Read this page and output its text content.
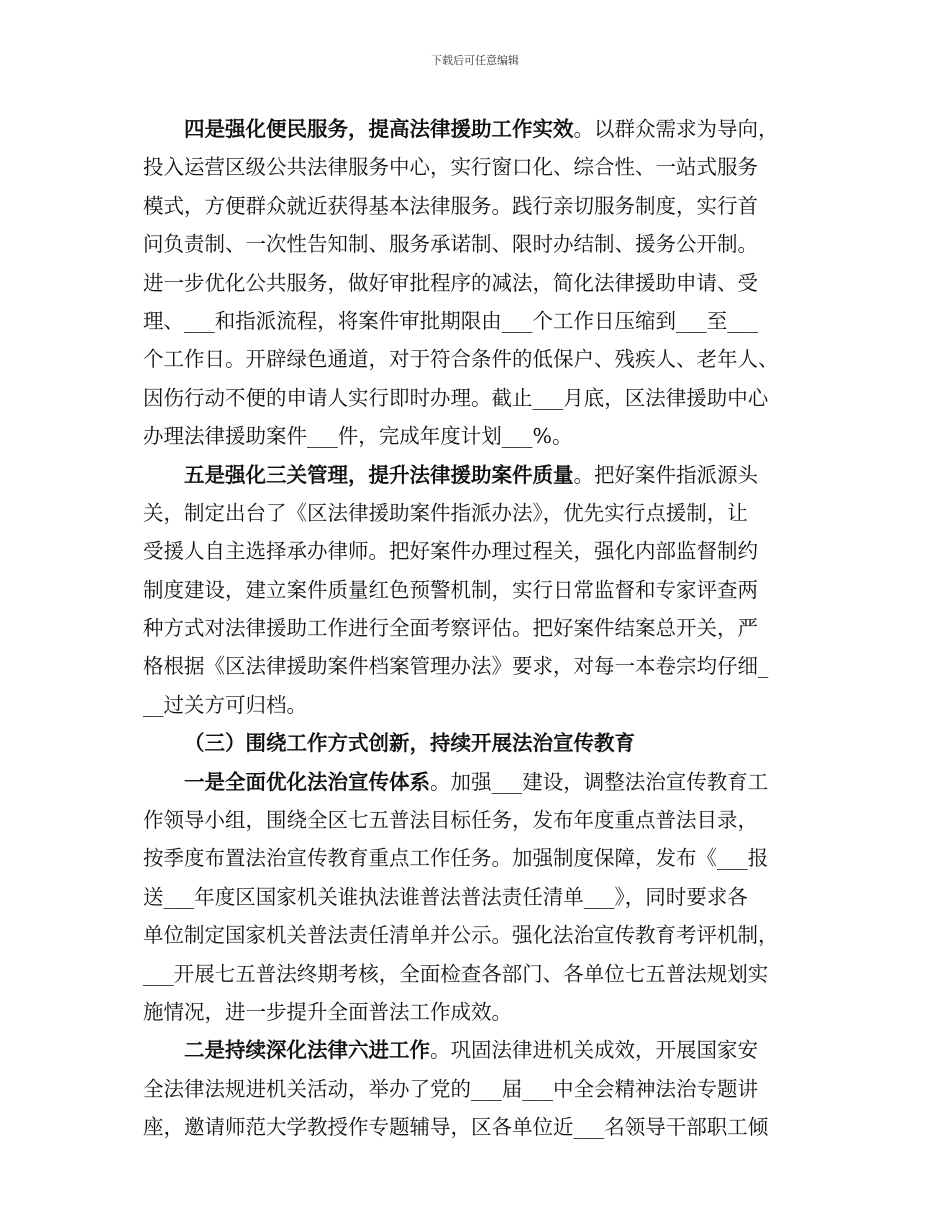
下载后可任意编辑
四是强化便民服务，提高法律援助工作实效。以群众需求为导向，
投入运营区级公共法律服务中心，实行窗口化、综合性、一站式服务
模式，方便群众就近获得基本法律服务。践行亲切服务制度，实行首
问负责制、一次性告知制、服务承诺制、限时办结制、援务公开制。
进一步优化公共服务，做好审批程序的减法，简化法律援助申请、受
理、___和指派流程，将案件审批期限由___个工作日压缩到___至___
个工作日。开辟绿色通道，对于符合条件的低保户、残疾人、老年人、
因伤行动不便的申请人实行即时办理。截止___月底，区法律援助中心
办理法律援助案件___件，完成年度计划___%。
五是强化三关管理，提升法律援助案件质量。把好案件指派源头
关，制定出台了《区法律援助案件指派办法》，优先实行点援制，让
受援人自主选择承办律师。把好案件办理过程关，强化内部监督制约
制度建设，建立案件质量红色预警机制，实行日常监督和专家评查两
种方式对法律援助工作进行全面考察评估。把好案件结案总开关，严
格根据《区法律援助案件档案管理办法》要求，对每一本卷宗均仔细_
__过关方可归档。
（三）围绕工作方式创新，持续开展法治宣传教育
一是全面优化法治宣传体系。加强___建设，调整法治宣传教育工
作领导小组，围绕全区七五普法目标任务，发布年度重点普法目录，
按季度布置法治宣传教育重点工作任务。加强制度保障，发布《___报
送___年度区国家机关谁执法谁普法普法责任清单___》，同时要求各
单位制定国家机关普法责任清单并公示。强化法治宣传教育考评机制，
___开展七五普法终期考核，全面检查各部门、各单位七五普法规划实
施情况，进一步提升全面普法工作成效。
二是持续深化法律六进工作。巩固法律进机关成效，开展国家安
全法律法规进机关活动，举办了党的___届___中全会精神法治专题讲
座，邀请师范大学教授作专题辅导，区各单位近___名领导干部职工倾
